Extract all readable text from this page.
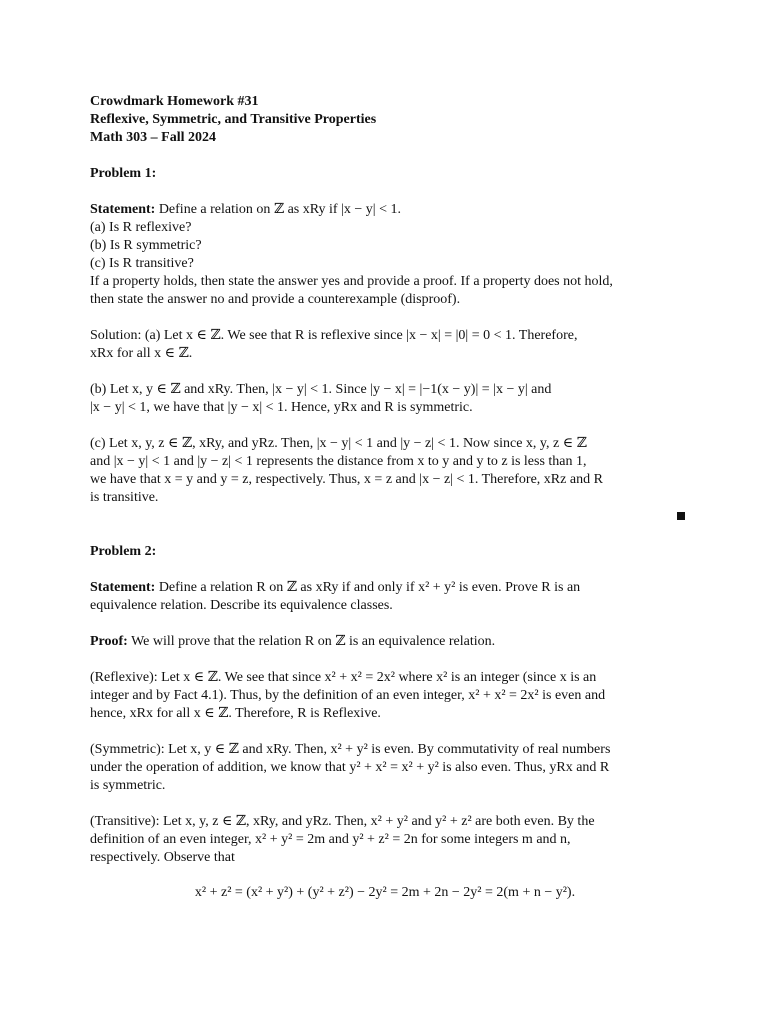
Crowdmark Homework #31

Reflexive, Symmetric, and Transitive Properties

Math 303 – Fall 2024

Problem 1:

Statement: Define a relation on ℤ as xRy if |x − y| < 1.

(a) Is R reflexive?

(b) Is R symmetric?

(c) Is R transitive?

If a property holds, then state the answer yes and provide a proof. If a property does not hold,

then state the answer no and provide a counterexample (disproof).

Solution: (a) Let x ∈ ℤ. We see that R is reflexive since |x − x| = |0| = 0 < 1. Therefore,

xRx for all x ∈ ℤ.

(b) Let x, y ∈ ℤ and xRy. Then, |x − y| < 1. Since |y − x| = |−1(x − y)| = |x − y| and

|x − y| < 1, we have that |y − x| < 1. Hence, yRx and R is symmetric.

(c) Let x, y, z ∈ ℤ, xRy, and yRz. Then, |x − y| < 1 and |y − z| < 1. Now since x, y, z ∈ ℤ

and |x − y| < 1 and |y − z| < 1 represents the distance from x to y and y to z is less than 1,

we have that x = y and y = z, respectively. Thus, x = z and |x − z| < 1. Therefore, xRz and R

is transitive.

Problem 2:

Statement: Define a relation R on ℤ as xRy if and only if x² + y² is even. Prove R is an

equivalence relation. Describe its equivalence classes.

Proof: We will prove that the relation R on ℤ is an equivalence relation.

(Reflexive): Let x ∈ ℤ. We see that since x² + x² = 2x² where x² is an integer (since x is an

integer and by Fact 4.1). Thus, by the definition of an even integer, x² + x² = 2x² is even and

hence, xRx for all x ∈ ℤ. Therefore, R is Reflexive.

(Symmetric): Let x, y ∈ ℤ and xRy. Then, x² + y² is even. By commutativity of real numbers

under the operation of addition, we know that y² + x² = x² + y² is also even. Thus, yRx and R

is symmetric.

(Transitive): Let x, y, z ∈ ℤ, xRy, and yRz. Then, x² + y² and y² + z² are both even. By the

definition of an even integer, x² + y² = 2m and y² + z² = 2n for some integers m and n,

respectively. Observe that

x² + z² = (x² + y²) + (y² + z²) − 2y² = 2m + 2n − 2y² = 2(m + n − y²).
